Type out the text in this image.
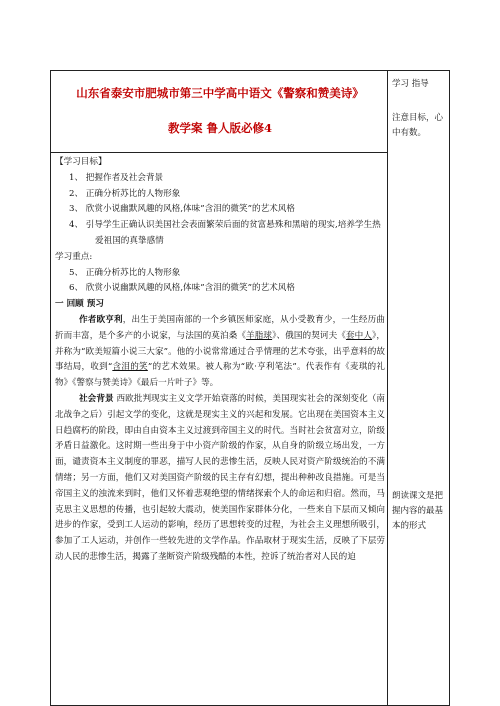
山东省泰安市肥城市第三中学高中语文《警察和赞美诗》
教学案 鲁人版必修4
【学习目标】
1、 把握作者及社会背景
2、 正确分析苏比的人物形象
3、 欣赏小说幽默风趣的风格,体味”含泪的微笑”的艺术风格
4、 引导学生正确认识美国社会表面繁荣后面的贫富悬殊和黑暗的现实,培养学生热爱祖国的真挚感情
学习重点:
5、 正确分析苏比的人物形象
6、 欣赏小说幽默风趣的风格,体味”含泪的微笑”的艺术风格
一 回顾 预习
作者欧亨利，出生于美国南部的一个乡镇医师家庭，从小受教育少，一生经历曲折而丰富，是个多产的小说家，与法国的莫泊桑《羊脂球》、俄国的契诃夫《套中人》，并称为“欧美短篇小说三大家”。他的小说常常通过合乎情理的艺术夸张，出乎意料的故事结局，收到“含泪的笑”的艺术效果。被人称为“欧·亨利笔法”。代表作有《麦琪的礼物》《警察与赞美诗》《最后一片叶子》等。
社会背景 西欧批判现实主义文学开始衰落的时候，美国现实社会的深刻变化（南北战争之后）引起文学的变化，这就是现实主义的兴起和发展。它出现在美国资本主义日趋腐朽的阶段，即由自由资本主义过渡到帝国主义的时代。当时社会贫富对立，阶级矛盾日益激化。这时期一些出身于中小资产阶级的作家，从自身的阶级立场出发，一方面，谴责资本主义制度的罪恶，描写人民的悲惨生活，反映人民对资产阶级统治的不满情绪；另一方面，他们又对美国资产阶级的民主存有幻想，提出种种改良措施。可是当帝国主义的浊流来到时，他们又怀着悲观绝望的情绪探索个人的命运和归宿。然而，马克思主义思想的传播，也引起较大震动，使美国作家群体分化，一些来自下层而又倾向进步的作家，受到工人运动的影响，经历了思想转变的过程，为社会主义理想所吸引，参加了工人运动，并创作一些较先进的文学作品。作品取材于现实生活，反映了下层劳动人民的悲惨生活，揭露了垄断资产阶级残酷的本性，控诉了统治者对人民的迫
学习 指导
注意目标，心中有数。
朗读课文是把握内容的最基本的形式
